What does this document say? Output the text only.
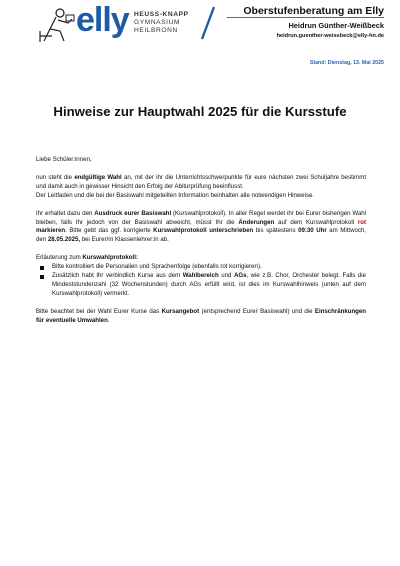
elly HEUSS-KNAPP
GYMNASIUM
HEILBRONN
Oberstufenberatung am Elly
Heidrun Günther-Weißbeck
heidrun.guenther-weissbeck@elly-hn.de
Stand: Dienstag, 13. Mai 2025
Hinweise zur Hauptwahl 2025 für die Kursstufe

Liebe Schüler:innen,

nun steht die endgültige Wahl an, mit der ihr die Unterrichtsschwerpunkte für eure nächsten zwei Schuljahre bestimmt und damit auch in gewisser Hinsicht den Erfolg der Abiturprüfung beeinflusst.

Der Leitfaden und die bei der Basiswahl mitgeteilten Information beinhalten alle notwendigen Hinweise.

Ihr erhaltet dazu den Ausdruck eurer Basiswahl (Kurswahlprotokoll). In aller Regel werdet ihr bei Eurer bisherigen Wahl bleiben, falls Ihr jedoch von der Basiswahl abweicht, müsst Ihr die Änderungen auf dem Kurswahlprotokoll rot markieren. Bitte gebt das ggf. korrigierte Kurswahlprotokoll unterschrieben bis spätestens 09:30 Uhr am Mittwoch, den 28.05.2025, bei Eurer/m Klassenlehrer:in ab.

Erläuterung zum Kurswahlprotokoll:

Bitte kontrolliert die Personalien und Sprachenfolge (ebenfalls rot korrigieren).
Zusätzlich habt Ihr verbindlich Kurse aus dem Wahlbereich und AGs, wie z.B. Chor, Orchester belegt. Falls die Mindeststundenzahl (32 Wochenstunden) durch AGs erfüllt wird, ist dies im Kurswahlhinweis (unten auf dem Kurswahlprotokoll) vermerkt.

Bitte beachtet bei der Wahl Eurer Kurse das Kursangebot (entsprechend Eurer Basiswahl) und die Einschränkungen für eventuelle Umwahlen.
